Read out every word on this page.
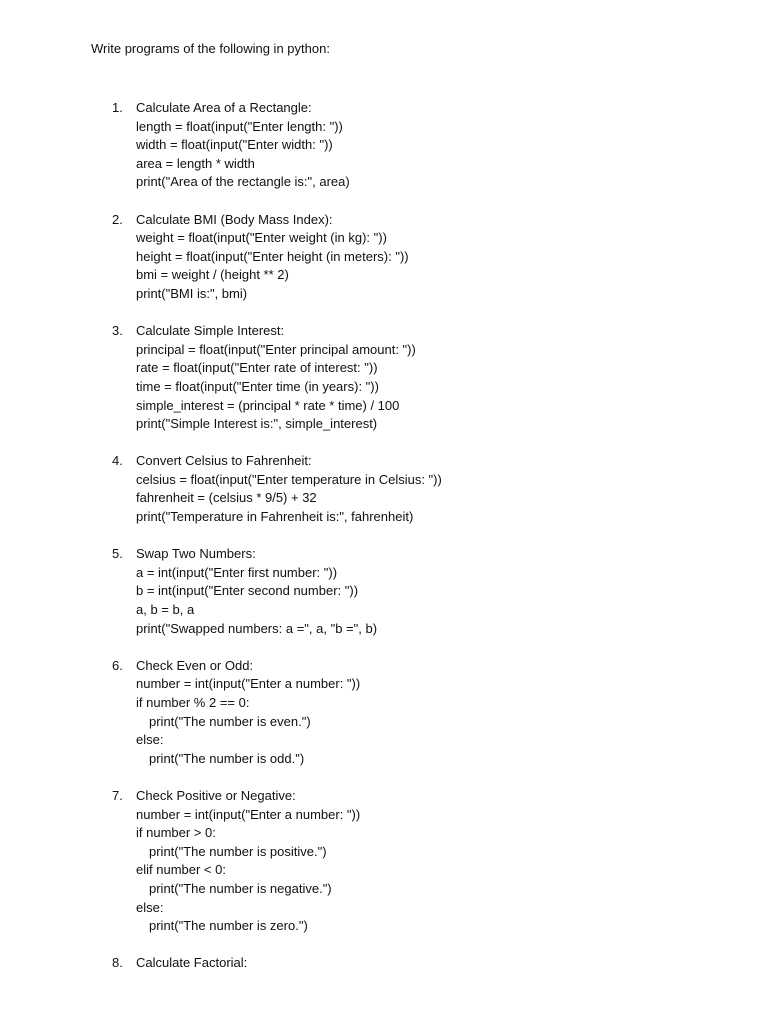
Write programs of the following in python:
1. Calculate Area of a Rectangle:
length = float(input("Enter length: "))
width = float(input("Enter width: "))
area = length * width
print("Area of the rectangle is:", area)
2. Calculate BMI (Body Mass Index):
weight = float(input("Enter weight (in kg): "))
height = float(input("Enter height (in meters): "))
bmi = weight / (height ** 2)
print("BMI is:", bmi)
3. Calculate Simple Interest:
principal = float(input("Enter principal amount: "))
rate = float(input("Enter rate of interest: "))
time = float(input("Enter time (in years): "))
simple_interest = (principal * rate * time) / 100
print("Simple Interest is:", simple_interest)
4. Convert Celsius to Fahrenheit:
celsius = float(input("Enter temperature in Celsius: "))
fahrenheit = (celsius * 9/5) + 32
print("Temperature in Fahrenheit is:", fahrenheit)
5. Swap Two Numbers:
a = int(input("Enter first number: "))
b = int(input("Enter second number: "))
a, b = b, a
print("Swapped numbers: a =", a, "b =", b)
6. Check Even or Odd:
number = int(input("Enter a number: "))
if number % 2 == 0:
print("The number is even.")
else:
print("The number is odd.")
7. Check Positive or Negative:
number = int(input("Enter a number: "))
if number > 0:
print("The number is positive.")
elif number < 0:
print("The number is negative.")
else:
print("The number is zero.")
8. Calculate Factorial:
